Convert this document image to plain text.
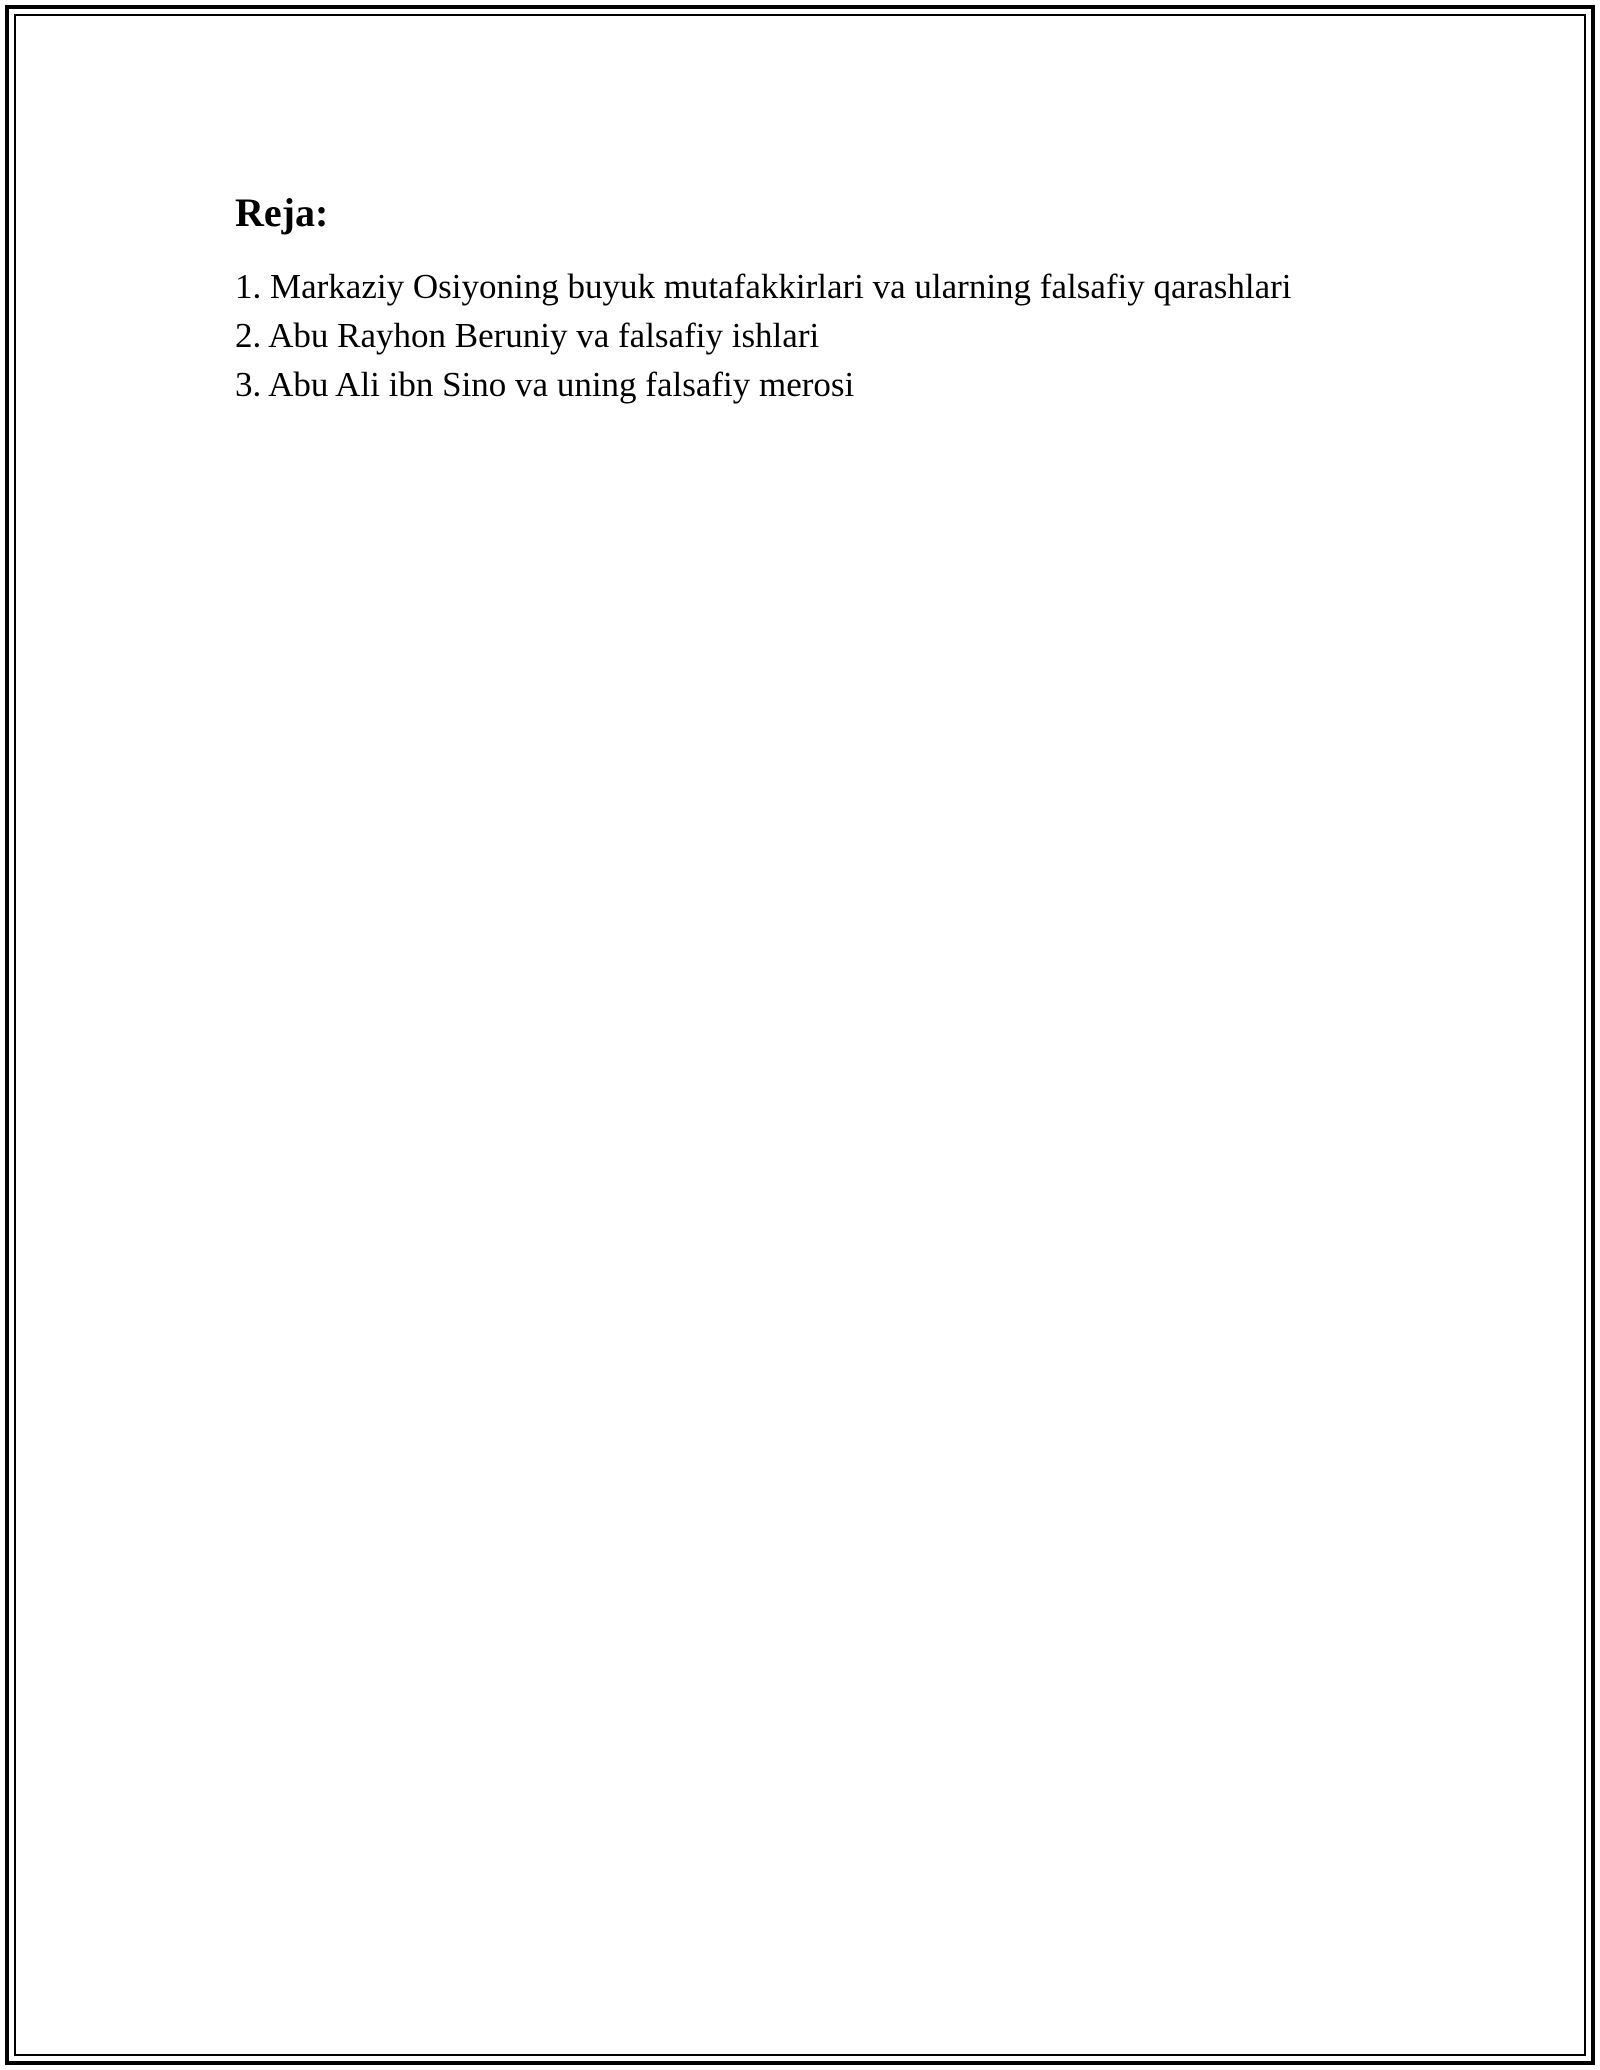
Reja:
1. Markaziy Osiyoning buyuk mutafakkirlari va ularning falsafiy qarashlari
2. Abu Rayhon Beruniy va falsafiy ishlari
3. Abu Ali ibn Sino va uning falsafiy merosi
